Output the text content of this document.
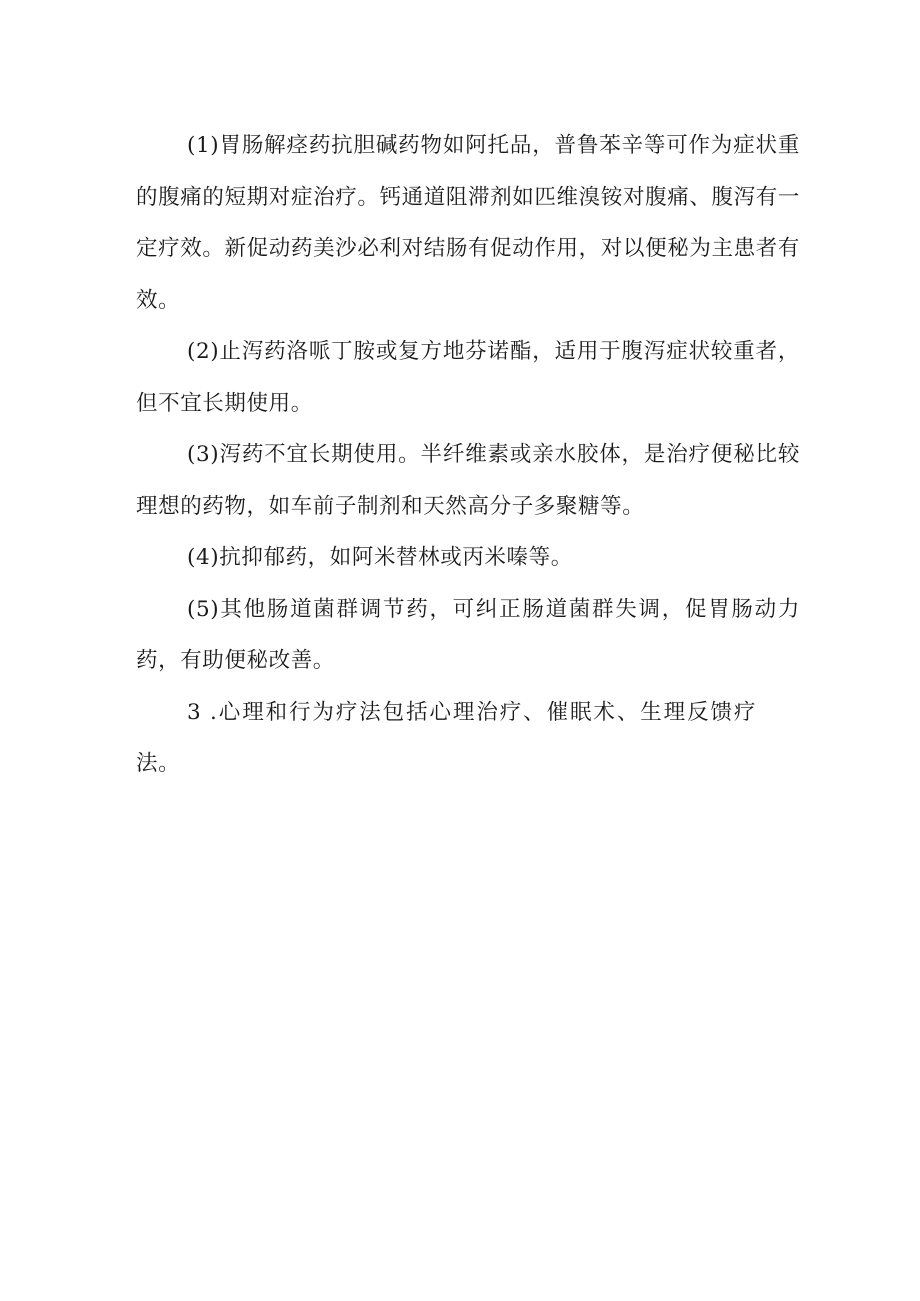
(1)胃肠解痉药抗胆碱药物如阿托品，普鲁苯辛等可作为症状重的腹痛的短期对症治疗。钙通道阻滞剂如匹维溴铵对腹痛、腹泻有一定疗效。新促动药美沙必利对结肠有促动作用，对以便秘为主患者有效。

(2)止泻药洛哌丁胺或复方地芬诺酯，适用于腹泻症状较重者，但不宜长期使用。

(3)泻药不宜长期使用。半纤维素或亲水胶体，是治疗便秘比较理想的药物，如车前子制剂和天然高分子多聚糖等。

(4)抗抑郁药，如阿米替林或丙米嗪等。

(5)其他肠道菌群调节药，可纠正肠道菌群失调，促胃肠动力药，有助便秘改善。

3 .心理和行为疗法包括心理治疗、催眠术、生理反馈疗法。
